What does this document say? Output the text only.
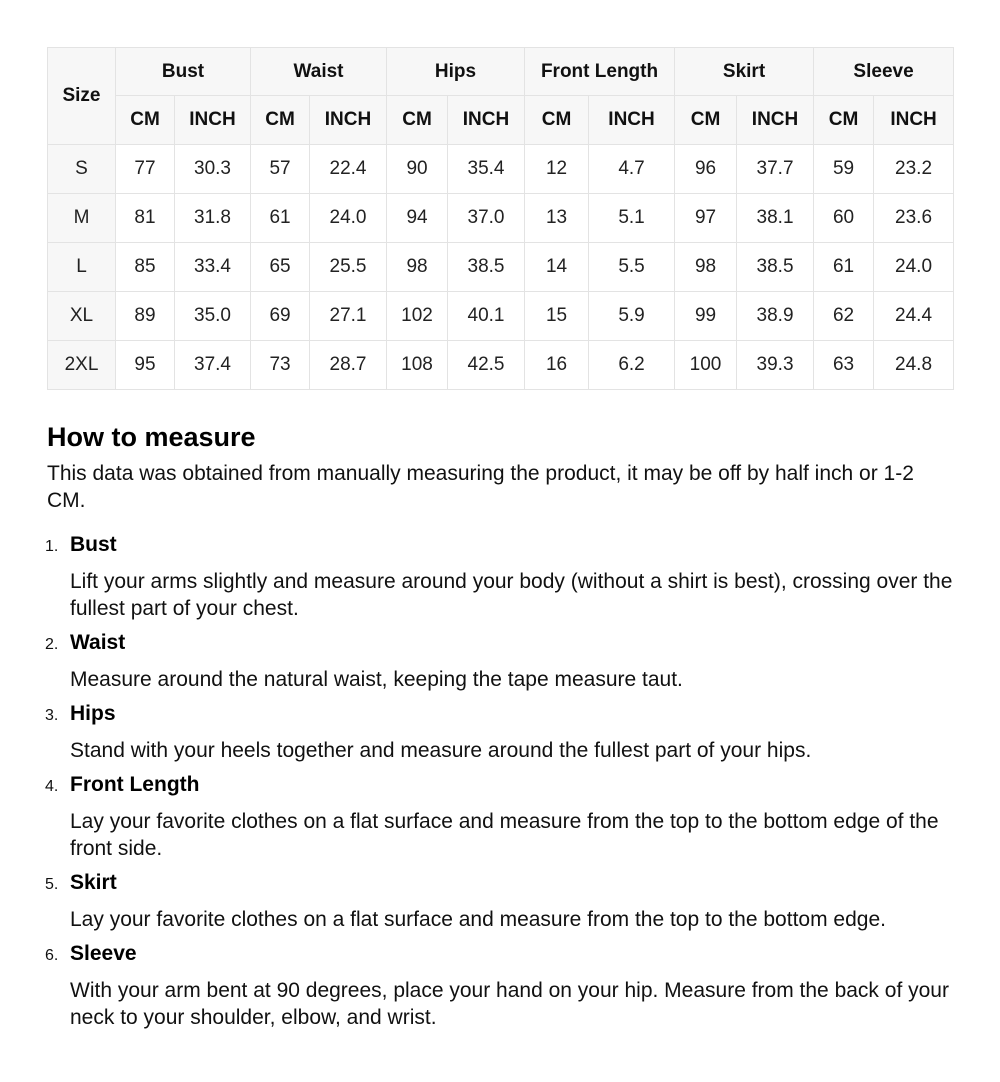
Size	Bust		Waist		Hips		Front Length		Skirt		Sleeve	
	CM	INCH	CM	INCH	CM	INCH	CM	INCH	CM	INCH	CM	INCH
S	77	30.3	57	22.4	90	35.4	12	4.7	96	37.7	59	23.2
M	81	31.8	61	24.0	94	37.0	13	5.1	97	38.1	60	23.6
L	85	33.4	65	25.5	98	38.5	14	5.5	98	38.5	61	24.0
XL	89	35.0	69	27.1	102	40.1	15	5.9	99	38.9	62	24.4
2XL	95	37.4	73	28.7	108	42.5	16	6.2	100	39.3	63	24.8
How to measure

This data was obtained from manually measuring the product, it may be off by half inch or 1-2 CM.

1. Bust
Lift your arms slightly and measure around your body (without a shirt is best), crossing over the fullest part of your chest.
2. Waist
Measure around the natural waist, keeping the tape measure taut.
3. Hips
Stand with your heels together and measure around the fullest part of your hips.
4. Front Length
Lay your favorite clothes on a flat surface and measure from the top to the bottom edge of the front side.
5. Skirt
Lay your favorite clothes on a flat surface and measure from the top to the bottom edge.
6. Sleeve
With your arm bent at 90 degrees, place your hand on your hip. Measure from the back of your neck to your shoulder, elbow, and wrist.
